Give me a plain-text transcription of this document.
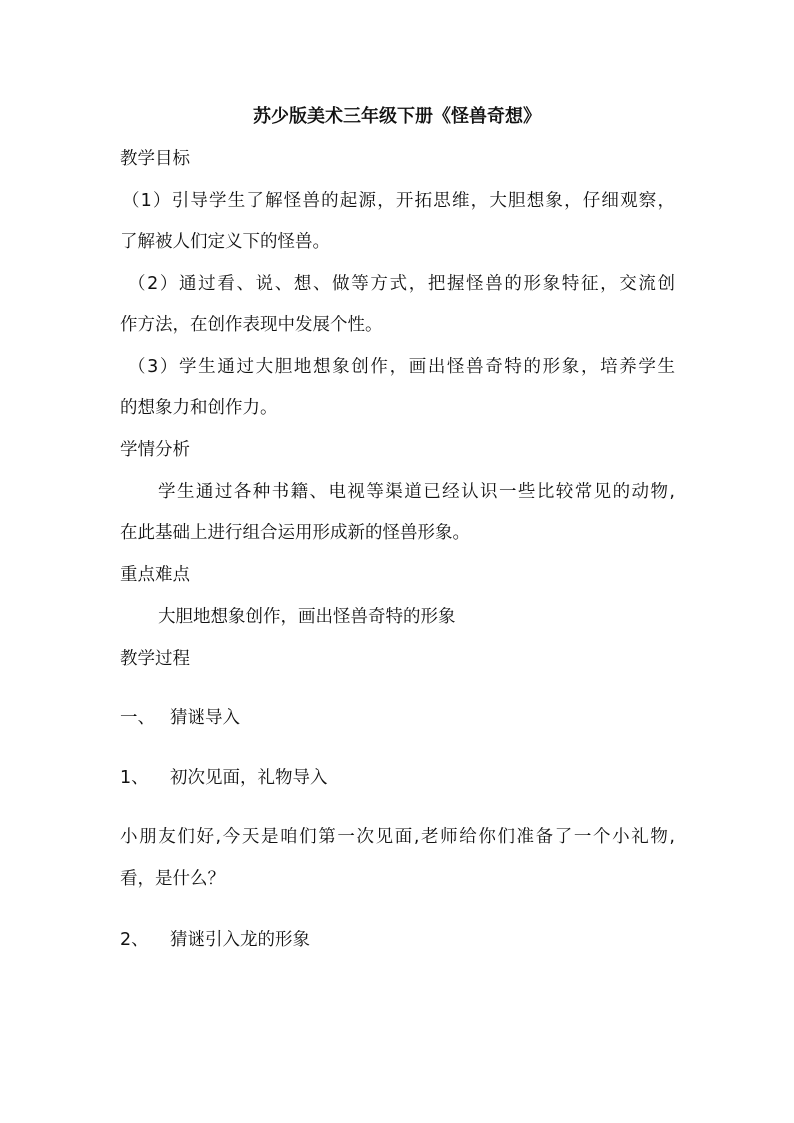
苏少版美术三年级下册《怪兽奇想》
教学目标
（1）引导学生了解怪兽的起源，开拓思维，大胆想象，仔细观察，
了解被人们定义下的怪兽。
（2）通过看、说、想、做等方式，把握怪兽的形象特征，交流创
作方法，在创作表现中发展个性。
（3）学生通过大胆地想象创作，画出怪兽奇特的形象，培养学生
的想象力和创作力。
学情分析
学生通过各种书籍、电视等渠道已经认识一些比较常见的动物,
在此基础上进行组合运用形成新的怪兽形象。
重点难点
大胆地想象创作，画出怪兽奇特的形象
教学过程
一、 猜谜导入
1、 初次见面，礼物导入
小朋友们好,今天是咱们第一次见面,老师给你们准备了一个小礼物,
看，是什么？
2、 猜谜引入龙的形象
